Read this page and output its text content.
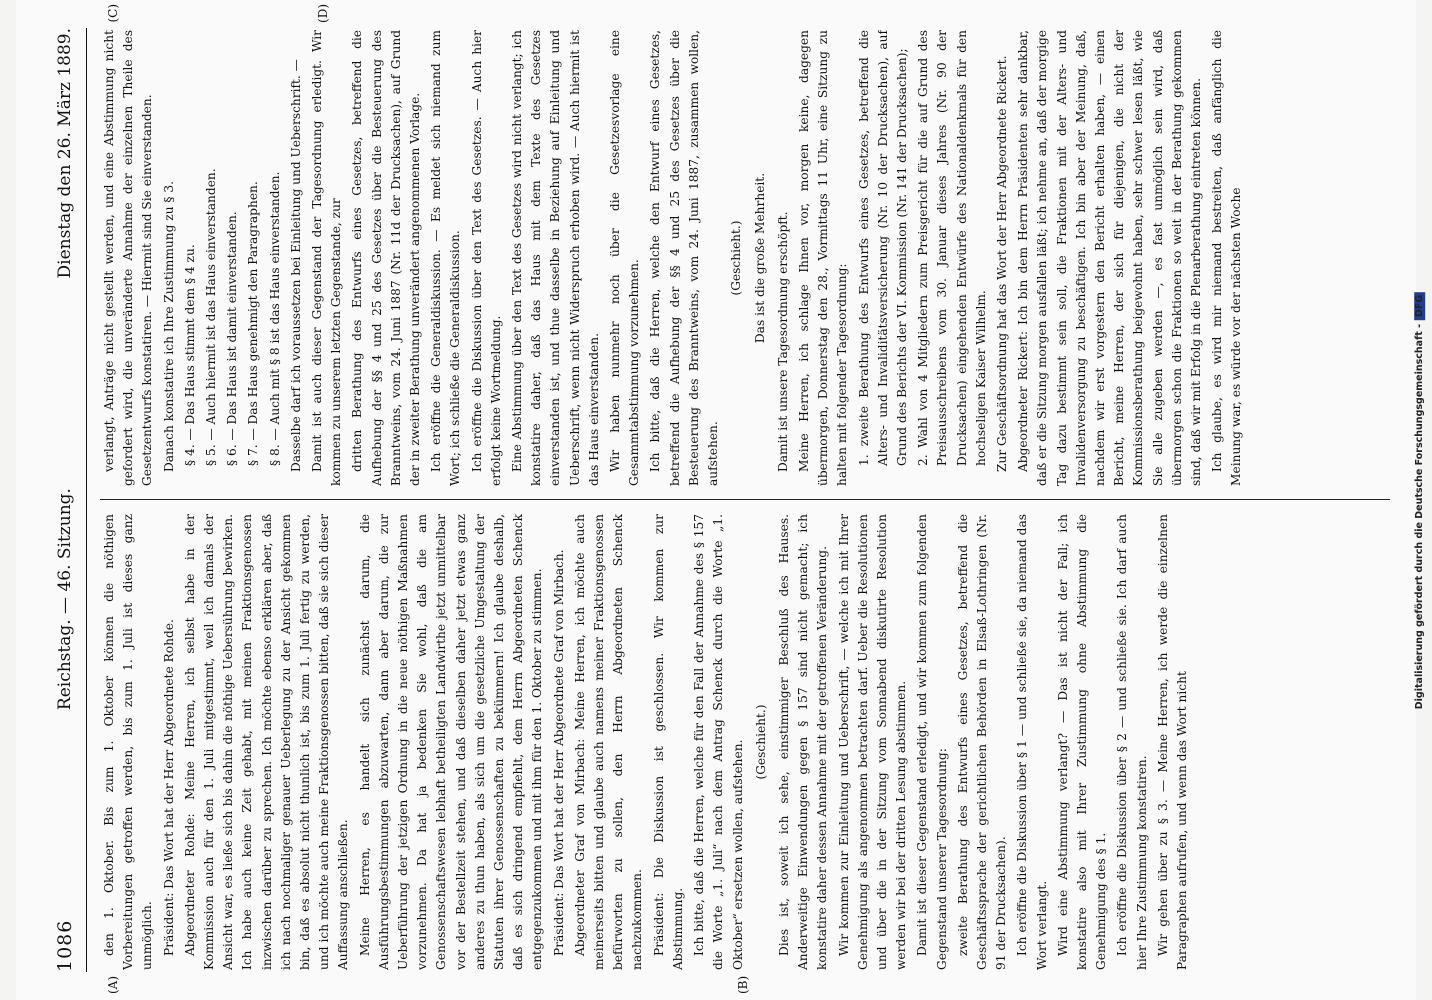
1086
Reichstag. — 46. Sitzung.
Dienstag den 26. März 1889.

den 1. Oktober. Bis zum 1. Oktober können die nöthigen Vorbereitungen getroffen werden, bis zum 1. Juli ist dieses ganz unmöglich. Präsident: Das Wort hat der Herr Abgeordnete Rohde. Abgeordneter Rohde: Meine Herren, ich selbst habe in der Kommission auch für den 1. Juli mitgestimmt, weil ich damals der Ansicht war, es ließe sich bis dahin die nöthige Uebersührung bewirken. Ich habe auch keine Zeit gehabt, mit meinen Fraktionsgenossen inzwischen darüber zu sprechen. Ich möchte ebenso erklären aber, daß ich nach nochmaliger genauer Ueberlegung zu der Ansicht gekommen bin, daß es absolut nicht thunlich ist, bis zum 1. Juli fertig zu werden, und ich möchte auch meine Fraktionsgenossen bitten, daß sie sich dieser Auffassung anschließen. Meine Herren, es handelt sich zunächst darum, die Ausführungsbestimmungen abzuwarten, dann aber darum, die zur Ueberführung der jetzigen Ordnung in die neue nöthigen Maßnahmen vorzunehmen. Da hat ja bedenken Sie wohl, daß die am Genossenschaftswesen lebhaft betheiligten Landwirthe jetzt unmittelbar vor der Bestellzeit stehen, und daß dieselben daher jetzt etwas ganz anderes zu thun haben, als sich um die gesetzliche Umgestaltung der Statuten ihrer Genossenschaften zu bekümmern! Ich glaube deshalb, daß es sich dringend empfiehlt, dem Herrn Abgeordneten Schenck entgegenzukommen und mit ihm für den 1. Oktober zu stimmen. Präsident: Das Wort hat der Herr Abgeordnete Graf von Mirbach. Abgeordneter Graf von Mirbach: Meine Herren, ich möchte auch meinerseits bitten und glaube auch namens meiner Fraktionsgenossen befürworten zu sollen, den Herrn Abgeordneten Schenck nachzukommen. Präsident: Die Diskussion ist geschlossen. Wir kommen zur Abstimmung. Ich bitte, daß die Herren, welche für den Fall der Annahme des § 157 die Worte „1. Juli“ nach dem Antrag Schenck durch die Worte „1. Oktober“ ersetzen wollen, aufstehen. (Geschieht.) Dies ist, soweit ich sehe, einstimmiger Beschluß des Hauses. Anderweitige Einwendungen gegen § 157 sind nicht gemacht; ich konstatire daher dessen Annahme mit der getroffenen Veränderung. Wir kommen zur Einleitung und Ueberschrift, — welche ich mit Ihrer Genehmigung als angenommen betrachten darf. Ueber die Resolutionen und über die in der Sitzung vom Sonnabend diskutirte Resolution werden wir bei der dritten Lesung abstimmen. Damit ist dieser Gegenstand erledigt, und wir kommen zum folgenden Gegenstand unserer Tagesordnung: zweite Berathung des Entwurfs eines Gesetzes, betreffend die Geschäftssprache der gerichtlichen Behörden in Elsaß-Lothringen (Nr. 91 der Drucksachen). Ich eröffne die Diskussion über § 1 — und schließe sie, da niemand das Wort verlangt. Wird eine Abstimmung verlangt? — Das ist nicht der Fall; ich konstatire also mit Ihrer Zustimmung ohne Abstimmung die Genehmigung des § 1. Ich eröffne die Diskussion über § 2 — und schließe sie. Ich darf auch hier Ihre Zustimmung konstatiren. Wir gehen über zu § 3. — Meine Herren, ich werde die einzelnen Paragraphen aufrufen, und wenn das Wort nicht

verlangt, Anträge nicht gestellt werden, und eine Abstimmung nicht gefordert wird, die unveränderte Annahme der einzelnen Theile des Gesetzentwurfs konstatiren. — Hiermit sind Sie einverstanden. Danach konstatire ich Ihre Zustimmung zu § 3. § 4. — Das Haus stimmt dem § 4 zu. § 5. — Auch hiermit ist das Haus einverstanden. § 6. — Das Haus ist damit einverstanden. § 7. — Das Haus genehmigt den Paragraphen. § 8. — Auch mit § 8 ist das Haus einverstanden. Dasselbe darf ich voraussetzen bei Einleitung und Ueberschrift. — Damit ist auch dieser Gegenstand der Tagesordnung erledigt. Wir kommen zu unserem letzten Gegenstande, zur dritten Berathung des Entwurfs eines Gesetzes, betreffend die Aufhebung der §§ 4 und 25 des Gesetzes über die Besteuerung des Branntweins, vom 24. Juni 1887 (Nr. 11d der Drucksachen), auf Grund der in zweiter Berathung unverändert angenommenen Vorlage. Ich eröffne die Generaldiskussion. — Es meldet sich niemand zum Wort; ich schließe die Generaldiskussion. Ich eröffne die Diskussion über den Text des Gesetzes. — Auch hier erfolgt keine Wortmeldung. Eine Abstimmung über den Text des Gesetzes wird nicht verlangt; ich konstatire daher, daß das Haus mit dem Texte des Gesetzes einverstanden ist, und thue dasselbe in Beziehung auf Einleitung und Ueberschrift, wenn nicht Widerspruch erhoben wird. — Auch hiermit ist das Haus einverstanden. Wir haben nunmehr noch über die Gesetzesvorlage eine Gesammtabstimmung vorzunehmen. Ich bitte, daß die Herren, welche den Entwurf eines Gesetzes, betreffend die Aufhebung der §§ 4 und 25 des Gesetzes über die Besteuerung des Branntweins, vom 24. Juni 1887, zusammen wollen, aufstehen.

(Geschieht.) Das ist die große Mehrheit. Damit ist unsere Tagesordnung erschöpft. Meine Herren, ich schlage Ihnen vor, morgen keine, dagegen übermorgen, Donnerstag den 28., Vormittags 11 Uhr, eine Sitzung zu halten mit folgender Tagesordnung: 1. zweite Berathung des Entwurfs eines Gesetzes, betreffend die Alters- und Invaliditätsversicherung (Nr. 10 der Drucksachen), auf Grund des Berichts der VI. Kommission (Nr. 141 der Drucksachen); 2. Wahl von 4 Mitgliedern zum Preisgericht für die auf Grund des Preisausschreibens vom 30. Januar dieses Jahres (Nr. 90 der Drucksachen) eingehenden Entwürfe des Nationaldenkmals für den hochseligen Kaiser Wilhelm. Zur Geschäftsordnung hat das Wort der Herr Abgeordnete Rickert. Abgeordneter Rickert: Ich bin dem Herrn Präsidenten sehr dankbar, daß er die Sitzung morgen ausfallen läßt; ich nehme an, daß der morgige Tag dazu bestimmt sein soll, die Fraktionen mit der Alters- und Invalidenversorgung zu beschäftigen. Ich bin aber der Meinung, daß, nachdem wir erst vorgestern den Bericht erhalten haben, — einen Bericht, meine Herren, der sich für diejenigen, die nicht der Kommissionsberathung beigewohnt haben, sehr schwer lesen läßt, wie Sie alle zugeben werden —, es fast unmöglich sein wird, daß übermorgen schon die Fraktionen so weit in der Berathung gekommen sind, daß wir mit Erfolg in die Plenarberathung eintreten können. Ich glaube, es wird mir niemand bestreiten, daß anfänglich die Meinung war, es würde vor der nächsten Woche

(A)	(B)
(C)	(D)
Digitalisierung gefördert durch die Deutsche Forschungsgemeinschaft -DFG
